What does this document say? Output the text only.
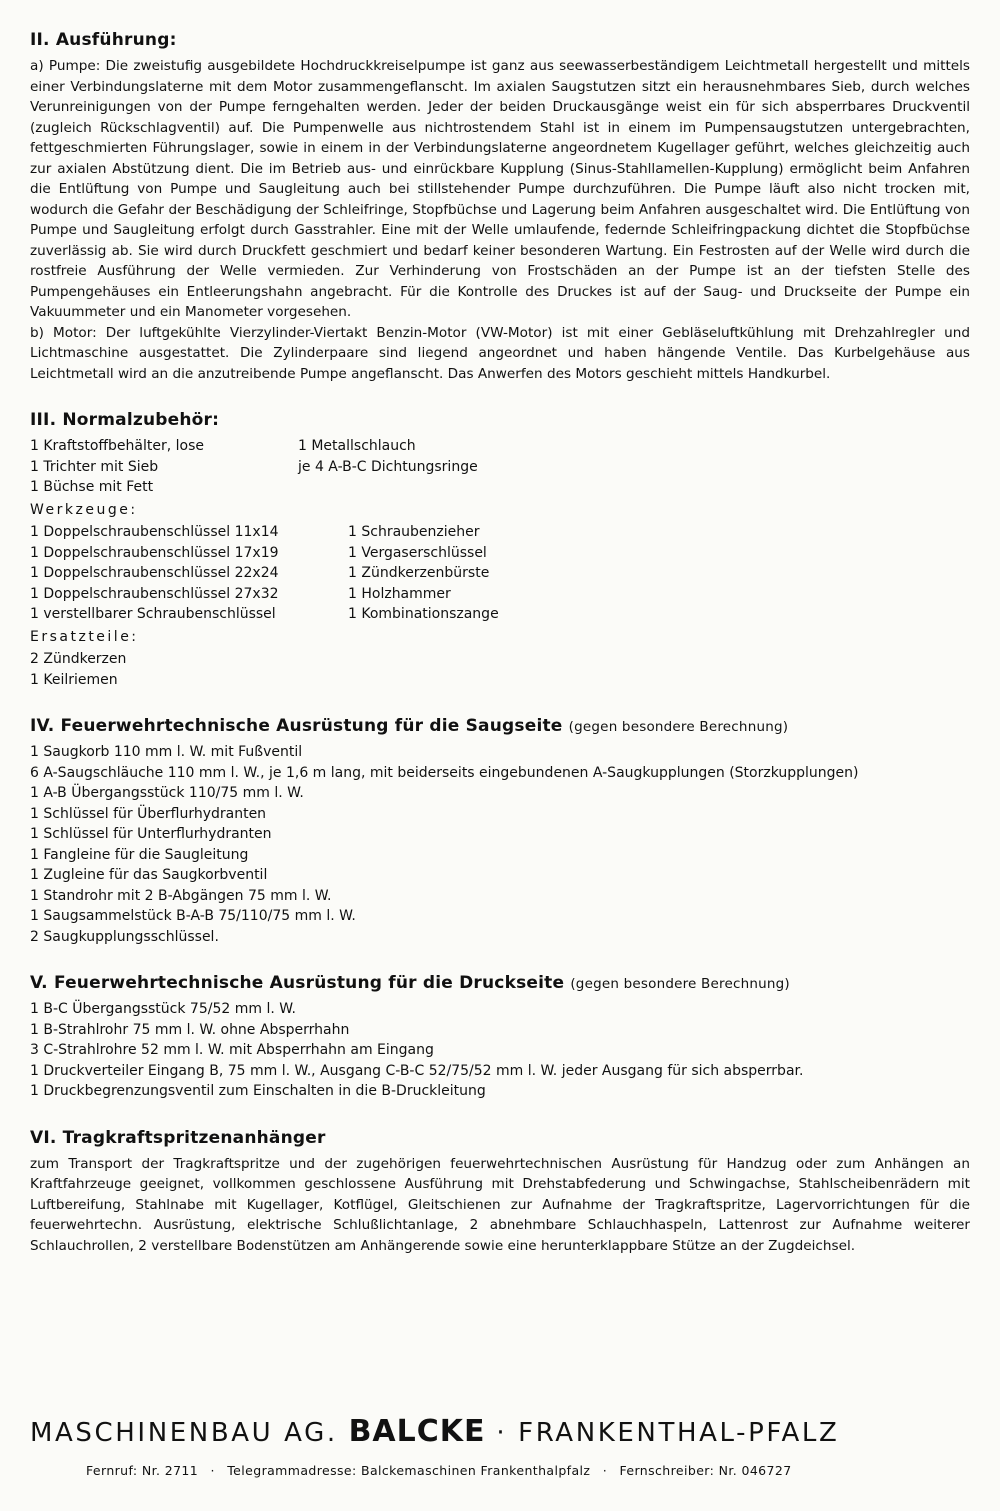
II. Ausführung:

a) Pumpe: Die zweistufig ausgebildete Hochdruckkreiselpumpe ist ganz aus seewasserbeständigem Leichtmetall hergestellt und mittels einer Verbindungslaterne mit dem Motor zusammengeflanscht. Im axialen Saugstutzen sitzt ein herausnehmbares Sieb, durch welches Verunreinigungen von der Pumpe ferngehalten werden. Jeder der beiden Druckausgänge weist ein für sich absperrbares Druckventil (zugleich Rückschlagventil) auf. Die Pumpenwelle aus nichtrostendem Stahl ist in einem im Pumpensaugstutzen untergebrachten, fettgeschmierten Führungslager, sowie in einem in der Verbindungslaterne angeordnetem Kugellager geführt, welches gleichzeitig auch zur axialen Abstützung dient. Die im Betrieb aus- und einrückbare Kupplung (Sinus-Stahllamellen-Kupplung) ermöglicht beim Anfahren die Entlüftung von Pumpe und Saugleitung auch bei stillstehender Pumpe durchzuführen. Die Pumpe läuft also nicht trocken mit, wodurch die Gefahr der Beschädigung der Schleifringe, Stopfbüchse und Lagerung beim Anfahren ausgeschaltet wird. Die Entlüftung von Pumpe und Saugleitung erfolgt durch Gasstrahler. Eine mit der Welle umlaufende, federnde Schleifringpackung dichtet die Stopfbüchse zuverlässig ab. Sie wird durch Druckfett geschmiert und bedarf keiner besonderen Wartung. Ein Festrosten auf der Welle wird durch die rostfreie Ausführung der Welle vermieden. Zur Verhinderung von Frostschäden an der Pumpe ist an der tiefsten Stelle des Pumpengehäuses ein Entleerungshahn angebracht. Für die Kontrolle des Druckes ist auf der Saug- und Druckseite der Pumpe ein Vakuummeter und ein Manometer vorgesehen.

b) Motor: Der luftgekühlte Vierzylinder-Viertakt Benzin-Motor (VW-Motor) ist mit einer Gebläseluftkühlung mit Drehzahlregler und Lichtmaschine ausgestattet. Die Zylinderpaare sind liegend angeordnet und haben hängende Ventile. Das Kurbelgehäuse aus Leichtmetall wird an die anzutreibende Pumpe angeflanscht. Das Anwerfen des Motors geschieht mittels Handkurbel.

III. Normalzubehör:
1 Kraftstoffbehälter, lose
1 Trichter mit Sieb
1 Büchse mit Fett
1 Metallschlauch
je 4 A-B-C Dichtungsringe
Werkzeuge:
1 Doppelschraubenschlüssel 11x14
1 Doppelschraubenschlüssel 17x19
1 Doppelschraubenschlüssel 22x24
1 Doppelschraubenschlüssel 27x32
1 verstellbarer Schraubenschlüssel
1 Schraubenzieher
1 Vergaserschlüssel
1 Zündkerzenbürste
1 Holzhammer
1 Kombinationszange
Ersatzteile:
2 Zündkerzen
1 Keilriemen
IV. Feuerwehrtechnische Ausrüstung für die Saugseite (gegen besondere Berechnung)
1 Saugkorb 110 mm l. W. mit Fußventil
6 A-Saugschläuche 110 mm l. W., je 1,6 m lang, mit beiderseits eingebundenen A-Saugkupplungen (Storzkupplungen)
1 A-B Übergangsstück 110/75 mm l. W.
1 Schlüssel für Überflurhydranten
1 Schlüssel für Unterflurhydranten
1 Fangleine für die Saugleitung
1 Zugleine für das Saugkorbventil
1 Standrohr mit 2 B-Abgängen 75 mm l. W.
1 Saugsammelstück B-A-B 75/110/75 mm l. W.
2 Saugkupplungsschlüssel.
V. Feuerwehrtechnische Ausrüstung für die Druckseite (gegen besondere Berechnung)
1 B-C Übergangsstück 75/52 mm l. W.
1 B-Strahlrohr 75 mm l. W. ohne Absperrhahn
3 C-Strahlrohre 52 mm l. W. mit Absperrhahn am Eingang
1 Druckverteiler Eingang B, 75 mm l. W., Ausgang C-B-C 52/75/52 mm l. W. jeder Ausgang für sich absperrbar.
1 Druckbegrenzungsventil zum Einschalten in die B-Druckleitung
VI. Tragkraftspritzenanhänger

zum Transport der Tragkraftspritze und der zugehörigen feuerwehrtechnischen Ausrüstung für Handzug oder zum Anhängen an Kraftfahrzeuge geeignet, vollkommen geschlossene Ausführung mit Drehstabfederung und Schwingachse, Stahlscheibenrädern mit Luftbereifung, Stahlnabe mit Kugellager, Kotflügel, Gleitschienen zur Aufnahme der Tragkraftspritze, Lagervorrichtungen für die feuerwehrtechn. Ausrüstung, elektrische Schlußlichtanlage, 2 abnehmbare Schlauchhaspeln, Lattenrost zur Aufnahme weiterer Schlauchrollen, 2 verstellbare Bodenstützen am Anhängerende sowie eine herunterklappbare Stütze an der Zugdeichsel.

MASCHINENBAU AG. BALCKE · FRANKENTHAL-PFALZ
Fernruf: Nr. 2711 · Telegrammadresse: Balckemaschinen Frankenthalpfalz · Fernschreiber: Nr. 046727
